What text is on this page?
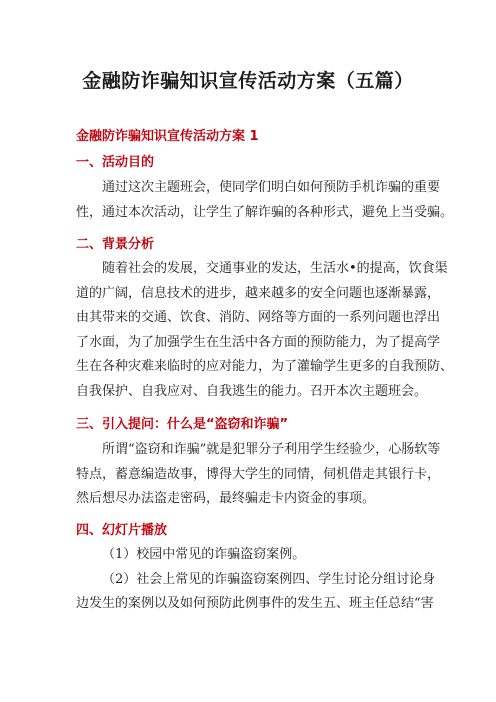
金融防诈骗知识宣传活动方案（五篇）
金融防诈骗知识宣传活动方案 1
一、活动目的
通过这次主题班会，使同学们明白如何预防手机诈骗的重要
性，通过本次活动，让学生了解诈骗的各种形式，避免上当受骗。
二、背景分析
随着社会的发展，交通事业的发达，生活水•的提高，饮食渠
道的广阔，信息技术的进步，越来越多的安全问题也逐渐暴露，
由其带来的交通、饮食、消防、网络等方面的一系列问题也浮出
了水面，为了加强学生在生活中各方面的预防能力，为了提高学
生在各种灾难来临时的应对能力，为了灌输学生更多的自我预防、
自我保护、自我应对、自我逃生的能力。召开本次主题班会。
三、引入提问：什么是“盗窃和诈骗”
所谓“盗窃和诈骗”就是犯罪分子利用学生经验少，心肠软等
特点，蓄意编造故事，博得大学生的同情，伺机借走其银行卡，
然后想尽办法盗走密码，最终骗走卡内资金的事项。
四、幻灯片播放
（1）校园中常见的诈骗盗窃案例。
（2）社会上常见的诈骗盗窃案例四、学生讨论分组讨论身
边发生的案例以及如何预防此例事件的发生五、班主任总结“害
